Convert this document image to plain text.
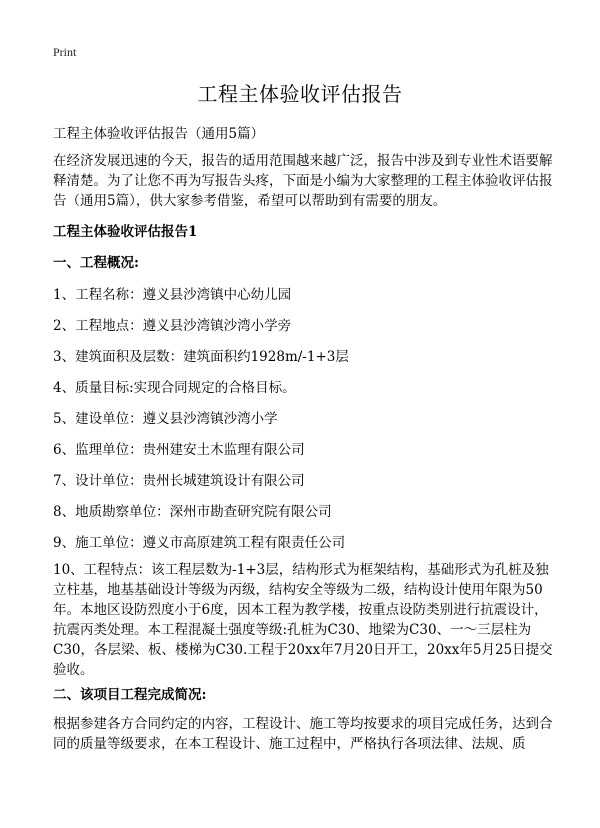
Print
工程主体验收评估报告
工程主体验收评估报告（通用5篇）
在经济发展迅速的今天，报告的适用范围越来越广泛，报告中涉及到专业性术语要解释清楚。为了让您不再为写报告头疼，下面是小编为大家整理的工程主体验收评估报告（通用5篇），供大家参考借鉴，希望可以帮助到有需要的朋友。
工程主体验收评估报告1
一、工程概况:
1、工程名称：遵义县沙湾镇中心幼儿园
2、工程地点：遵义县沙湾镇沙湾小学旁
3、建筑面积及层数：建筑面积约1928m/-1+3层
4、质量目标:实现合同规定的合格目标。
5、建设单位：遵义县沙湾镇沙湾小学
6、监理单位：贵州建安土木监理有限公司
7、设计单位：贵州长城建筑设计有限公司
8、地质勘察单位：深州市勘查研究院有限公司
9、施工单位：遵义市高原建筑工程有限责任公司
10、工程特点：该工程层数为-1+3层，结构形式为框架结构，基础形式为孔桩及独立柱基，地基基础设计等级为丙级，结构安全等级为二级，结构设计使用年限为50年。本地区设防烈度小于6度，因本工程为教学楼，按重点设防类别进行抗震设计，抗震丙类处理。本工程混凝土强度等级:孔桩为C30、地梁为C30、一～三层柱为C30，各层梁、板、楼梯为C30.工程于20xx年7月20日开工，20xx年5月25日提交验收。
二、该项目工程完成简况:
根据参建各方合同约定的内容，工程设计、施工等均按要求的项目完成任务，达到合同的质量等级要求，在本工程设计、施工过程中，严格执行各项法律、法规、质
